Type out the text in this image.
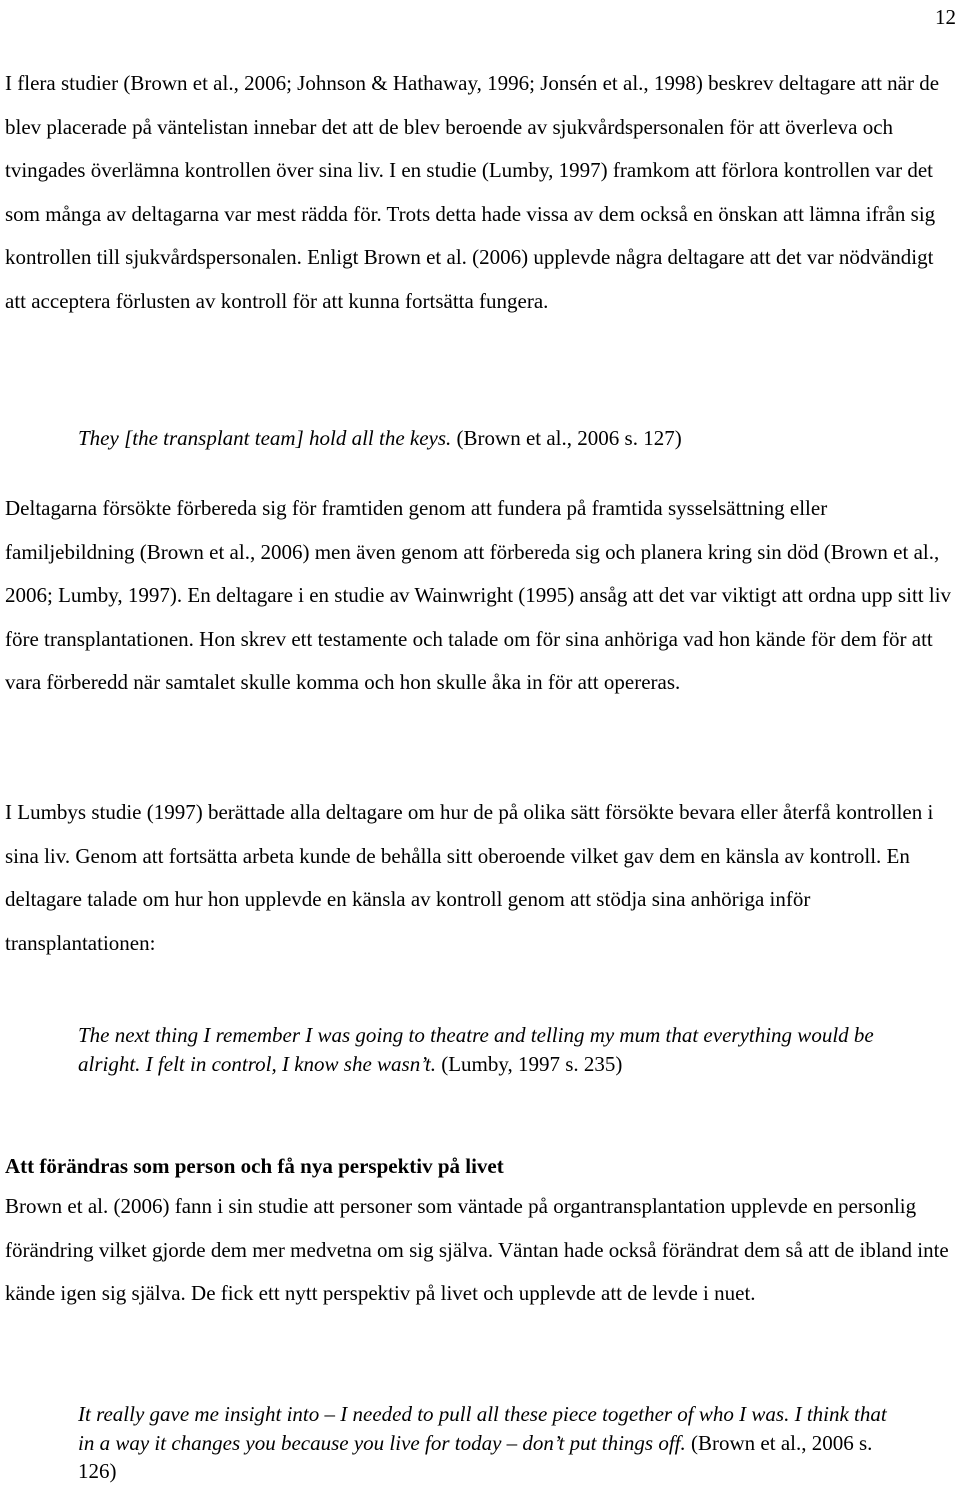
12

I flera studier (Brown et al., 2006; Johnson & Hathaway, 1996; Jonsén et al., 1998) beskrev deltagare att när de blev placerade på väntelistan innebar det att de blev beroende av sjukvårdspersonalen för att överleva och tvingades överlämna kontrollen över sina liv. I en studie (Lumby, 1997) framkom att förlora kontrollen var det som många av deltagarna var mest rädda för. Trots detta hade vissa av dem också en önskan att lämna ifrån sig kontrollen till sjukvårdspersonalen. Enligt Brown et al. (2006) upplevde några deltagare att det var nödvändigt att acceptera förlusten av kontroll för att kunna fortsätta fungera.

They [the transplant team] hold all the keys. (Brown et al., 2006 s. 127)

Deltagarna försökte förbereda sig för framtiden genom att fundera på framtida sysselsättning eller familjebildning (Brown et al., 2006) men även genom att förbereda sig och planera kring sin död (Brown et al., 2006; Lumby, 1997). En deltagare i en studie av Wainwright (1995) ansåg att det var viktigt att ordna upp sitt liv före transplantationen. Hon skrev ett testamente och talade om för sina anhöriga vad hon kände för dem för att vara förberedd när samtalet skulle komma och hon skulle åka in för att opereras.

I Lumbys studie (1997) berättade alla deltagare om hur de på olika sätt försökte bevara eller återfå kontrollen i sina liv. Genom att fortsätta arbeta kunde de behålla sitt oberoende vilket gav dem en känsla av kontroll. En deltagare talade om hur hon upplevde en känsla av kontroll genom att stödja sina anhöriga inför transplantationen:

The next thing I remember I was going to theatre and telling my mum that everything would be alright. I felt in control, I know she wasn’t. (Lumby, 1997 s. 235)

Att förändras som person och få nya perspektiv på livet

Brown et al. (2006) fann i sin studie att personer som väntade på organtransplantation upplevde en personlig förändring vilket gjorde dem mer medvetna om sig själva. Väntan hade också förändrat dem så att de ibland inte kände igen sig själva. De fick ett nytt perspektiv på livet och upplevde att de levde i nuet.

It really gave me insight into – I needed to pull all these piece together of who I was. I think that in a way it changes you because you live for today – don’t put things off. (Brown et al., 2006 s. 126)
